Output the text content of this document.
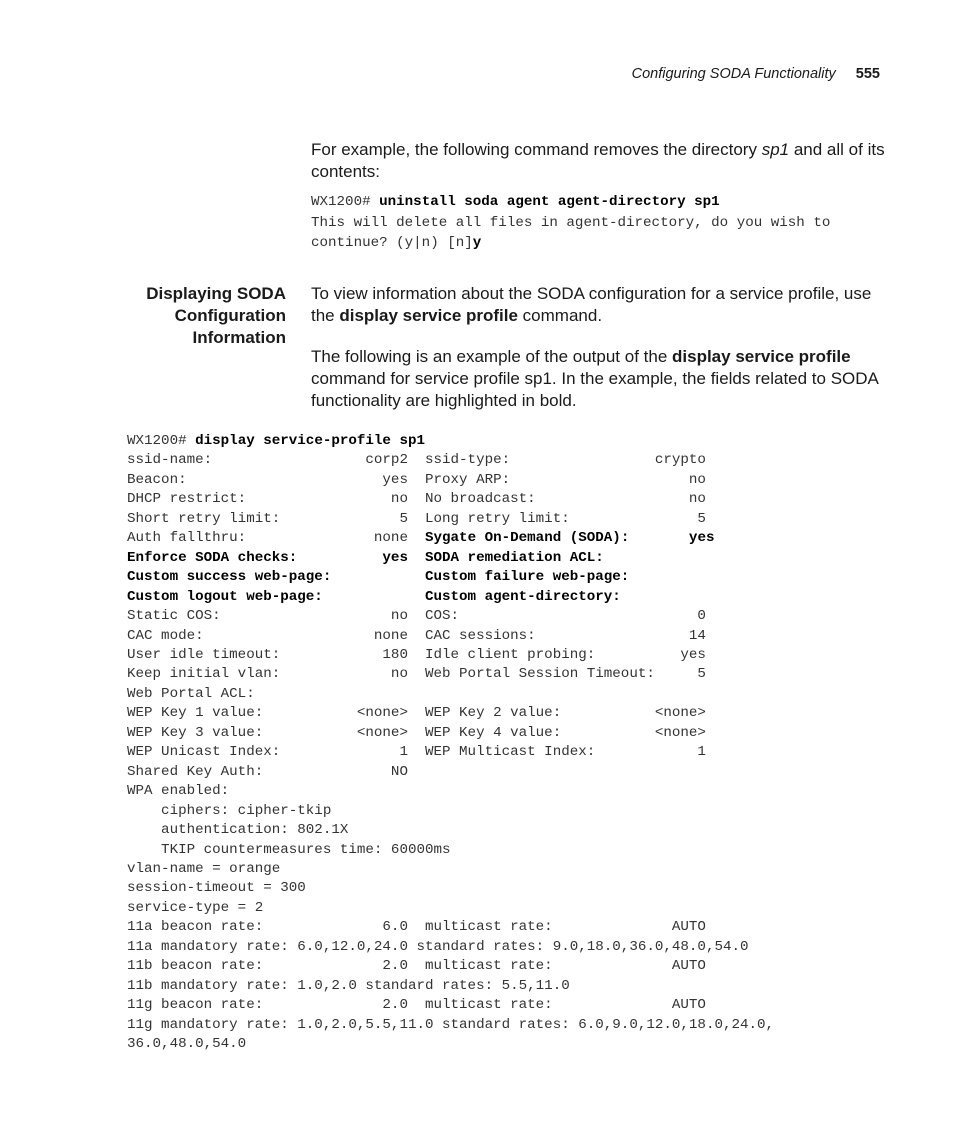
Configuring SODA Functionality 555

For example, the following command removes the directory sp1 and all of its contents:

WX1200# uninstall soda agent agent-directory sp1
This will delete all files in agent-directory, do you wish to
continue? (y|n) [n]y
Displaying SODA
Configuration
Information

To view information about the SODA configuration for a service profile, use the display service profile command.

The following is an example of the output of the display service profile command for service profile sp1. In the example, the fields related to SODA functionality are highlighted in bold.

WX1200# display service-profile sp1
ssid-name:                  corp2  ssid-type:                 crypto
Beacon:                       yes  Proxy ARP:                     no
DHCP restrict:                 no  No broadcast:                  no
Short retry limit:              5  Long retry limit:               5
Auth fallthru:               none  Sygate On-Demand (SODA):       yes
Enforce SODA checks:          yes  SODA remediation ACL:
Custom success web-page:           Custom failure web-page:
Custom logout web-page:            Custom agent-directory:
Static COS:                    no  COS:                            0
CAC mode:                    none  CAC sessions:                  14
User idle timeout:            180  Idle client probing:          yes
Keep initial vlan:             no  Web Portal Session Timeout:     5
Web Portal ACL:
WEP Key 1 value:           <none>  WEP Key 2 value:           <none>
WEP Key 3 value:           <none>  WEP Key 4 value:           <none>
WEP Unicast Index:              1  WEP Multicast Index:            1
Shared Key Auth:               NO
WPA enabled:
ciphers: cipher-tkip
authentication: 802.1X
TKIP countermeasures time: 60000ms
vlan-name = orange
session-timeout = 300
service-type = 2
11a beacon rate:              6.0  multicast rate:              AUTO
11a mandatory rate: 6.0,12.0,24.0 standard rates: 9.0,18.0,36.0,48.0,54.0
11b beacon rate:              2.0  multicast rate:              AUTO
11b mandatory rate: 1.0,2.0 standard rates: 5.5,11.0
11g beacon rate:              2.0  multicast rate:              AUTO
11g mandatory rate: 1.0,2.0,5.5,11.0 standard rates: 6.0,9.0,12.0,18.0,24.0,
36.0,48.0,54.0
